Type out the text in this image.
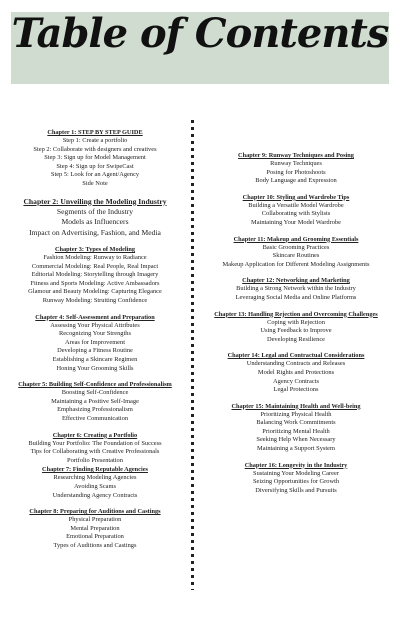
Table of Contents
Chapter 1: STEP BY STEP GUIDE
Step 1: Create a portfolio
Step 2: Collaborate with designers and creatives
Step 3: Sign up for Model Management
Step 4: Sign up for SwipeCast
Step 5: Look for an Agent/Agency
Side Note
Chapter 2: Unveiling the Modeling Industry
Segments of the Industry
Models as Influencers
Impact on Advertising, Fashion, and Media
Chapter 3: Types of Modeling
Fashion Modeling: Runway to Radiance
Commercial Modeling: Real People, Real Impact
Editorial Modeling: Storytelling through Imagery
Fitness and Sports Modeling: Active Ambassadors
Glamour and Beauty Modeling: Capturing Elegance
Runway Modeling: Strutting Confidence
Chapter 4: Self-Assessment and Preparation
Assessing Your Physical Attributes
Recognizing Your Strengths
Areas for Improvement
Developing a Fitness Routine
Establishing a Skincare Regimen
Honing Your Grooming Skills
Chapter 5: Building Self-Confidence and Professionalism
Boosting Self-Confidence
Maintaining a Positive Self-Image
Emphasizing Professionalism
Effective Communication
Chapter 6: Creating a Portfolio
Building Your Portfolio: The Foundation of Success
Tips for Collaborating with Creative Professionals
Portfolio Presentation
Chapter 7: Finding Reputable Agencies
Researching Modeling Agencies
Avoiding Scams
Understanding Agency Contracts
Chapter 8: Preparing for Auditions and Castings
Physical Preparation
Mental Preparation
Emotional Preparation
Types of Auditions and Castings
Chapter 9: Runway Techniques and Posing
Runway Techniques
Posing for Photoshoots
Body Language and Expression
Chapter 10: Styling and Wardrobe Tips
Building a Versatile Model Wardrobe
Collaborating with Stylists
Maintaining Your Model Wardrobe
Chapter 11: Makeup and Grooming Essentials
Basic Grooming Practices
Skincare Routines
Makeup Application for Different Modeling Assignments
Chapter 12: Networking and Marketing
Building a Strong Network within the Industry
Leveraging Social Media and Online Platforms
Chapter 13: Handling Rejection and Overcoming Challenges
Coping with Rejection
Using Feedback to Improve
Developing Resilience
Chapter 14: Legal and Contractual Considerations
Understanding Contracts and Releases
Model Rights and Protections
Agency Contracts
Legal Protections
Chapter 15: Maintaining Health and Well-being
Prioritizing Physical Health
Balancing Work Commitments
Prioritizing Mental Health
Seeking Help When Necessary
Maintaining a Support System
Chapter 16: Longevity in the Industry
Sustaining Your Modeling Career
Seizing Opportunities for Growth
Diversifying Skills and Pursuits
